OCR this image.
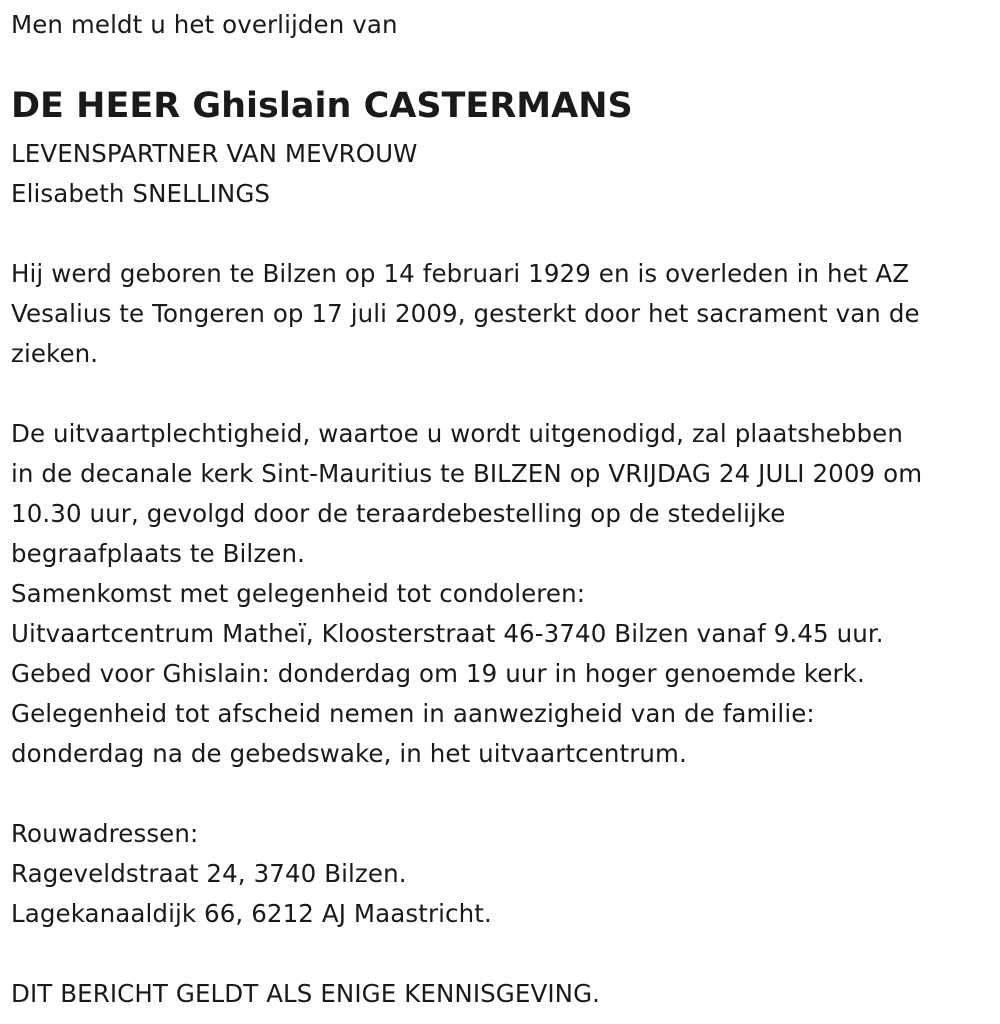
Men meldt u het overlijden van
DE HEER Ghislain CASTERMANS
LEVENSPARTNER VAN MEVROUW
Elisabeth SNELLINGS
Hij werd geboren te Bilzen op 14 februari 1929 en is overleden in het AZ
Vesalius te Tongeren op 17 juli 2009, gesterkt door het sacrament van de
zieken.
De uitvaartplechtigheid, waartoe u wordt uitgenodigd, zal plaatshebben
in de decanale kerk Sint-Mauritius te BILZEN op VRIJDAG 24 JULI 2009 om
10.30 uur, gevolgd door de teraardebestelling op de stedelijke
begraafplaats te Bilzen.
Samenkomst met gelegenheid tot condoleren:
Uitvaartcentrum Matheï, Kloosterstraat 46-3740 Bilzen vanaf 9.45 uur.
Gebed voor Ghislain: donderdag om 19 uur in hoger genoemde kerk.
Gelegenheid tot afscheid nemen in aanwezigheid van de familie:
donderdag na de gebedswake, in het uitvaartcentrum.
Rouwadressen:
Rageveldstraat 24, 3740 Bilzen.
Lagekanaaldijk 66, 6212 AJ Maastricht.
DIT BERICHT GELDT ALS ENIGE KENNISGEVING.
